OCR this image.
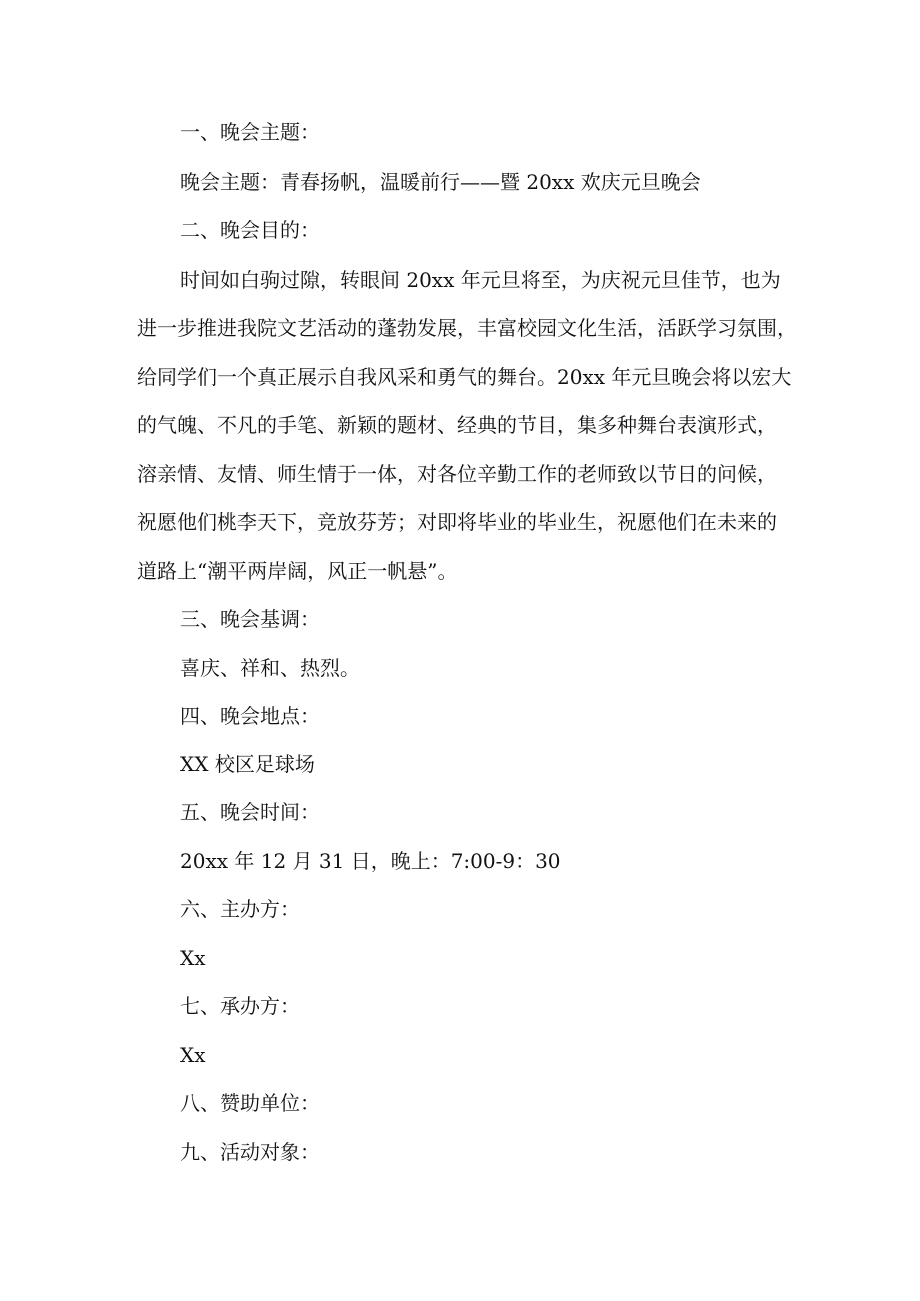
一、晚会主题：
晚会主题：青春扬帆，温暖前行——暨 20xx 欢庆元旦晚会
二、晚会目的：
时间如白驹过隙，转眼间 20xx 年元旦将至，为庆祝元旦佳节，也为
进一步推进我院文艺活动的蓬勃发展，丰富校园文化生活，活跃学习氛围，
给同学们一个真正展示自我风采和勇气的舞台。20xx 年元旦晚会将以宏大
的气魄、不凡的手笔、新颖的题材、经典的节目，集多种舞台表演形式，
溶亲情、友情、师生情于一体，对各位辛勤工作的老师致以节日的问候，
祝愿他们桃李天下，竞放芬芳；对即将毕业的毕业生，祝愿他们在未来的
道路上“潮平两岸阔，风正一帆悬”。
三、晚会基调：
喜庆、祥和、热烈。
四、晚会地点：
XX 校区足球场
五、晚会时间：
20xx 年 12 月 31 日，晚上：7:00-9：30
六、主办方：
Xx
七、承办方：
Xx
八、赞助单位：
九、活动对象：
